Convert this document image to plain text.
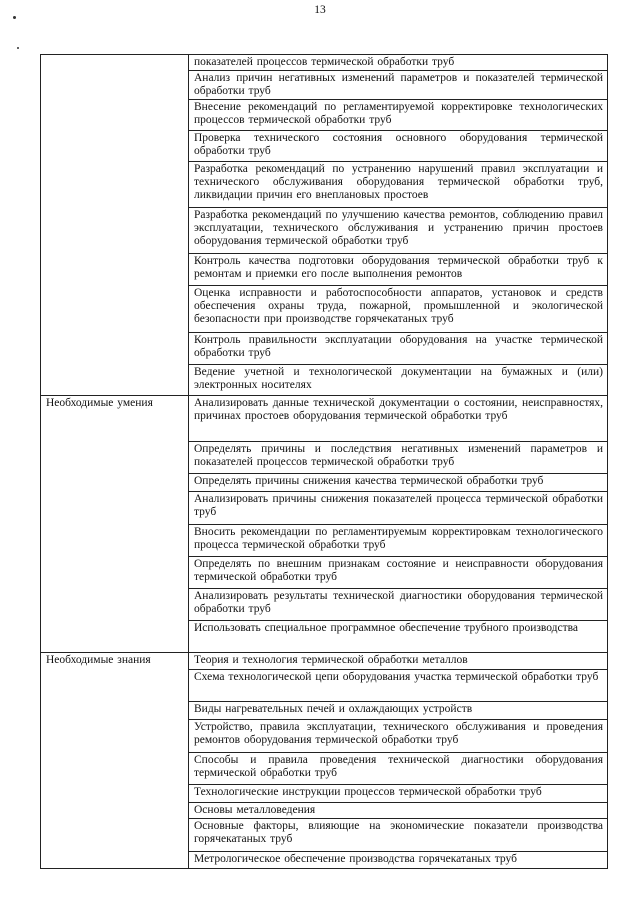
13
	показателей процессов термической обработки труб
	Анализ причин негативных изменений параметров и показателей термической обработки труб
	Внесение рекомендаций по регламентируемой корректировке технологических процессов термической обработки труб
	Проверка технического состояния основного оборудования термической обработки труб
	Разработка рекомендаций по устранению нарушений правил эксплуатации и технического обслуживания оборудования термической обработки труб, ликвидации причин его внеплановых простоев
	Разработка рекомендаций по улучшению качества ремонтов, соблюдению правил эксплуатации, технического обслуживания и устранению причин простоев оборудования термической обработки труб
	Контроль качества подготовки оборудования термической обработки труб к ремонтам и приемки его после выполнения ремонтов
	Оценка исправности и работоспособности аппаратов, установок и средств обеспечения охраны труда, пожарной, промышленной и экологической безопасности при производстве горячекатаных труб
	Контроль правильности эксплуатации оборудования на участке термической обработки труб
	Ведение учетной и технологической документации на бумажных и (или) электронных носителях
Необходимые умения	Анализировать данные технической документации о состоянии, неисправностях, причинах простоев оборудования термической обработки труб
	Определять причины и последствия негативных изменений параметров и показателей процессов термической обработки труб
	Определять причины снижения качества термической обработки труб
	Анализировать причины снижения показателей процесса термической обработки труб
	Вносить рекомендации по регламентируемым корректировкам технологического процесса термической обработки труб
	Определять по внешним признакам состояние и неисправности оборудования термической обработки труб
	Анализировать результаты технической диагностики оборудования термической обработки труб
	Использовать специальное программное обеспечение трубного производства
Необходимые знания	Теория и технология термической обработки металлов
	Схема технологической цепи оборудования участка термической обработки труб
	Виды нагревательных печей и охлаждающих устройств
	Устройство, правила эксплуатации, технического обслуживания и проведения ремонтов оборудования термической обработки труб
	Способы и правила проведения технической диагностики оборудования термической обработки труб
	Технологические инструкции процессов термической обработки труб
	Основы металловедения
	Основные факторы, влияющие на экономические показатели производства горячекатаных труб
	Метрологическое обеспечение производства горячекатаных труб
